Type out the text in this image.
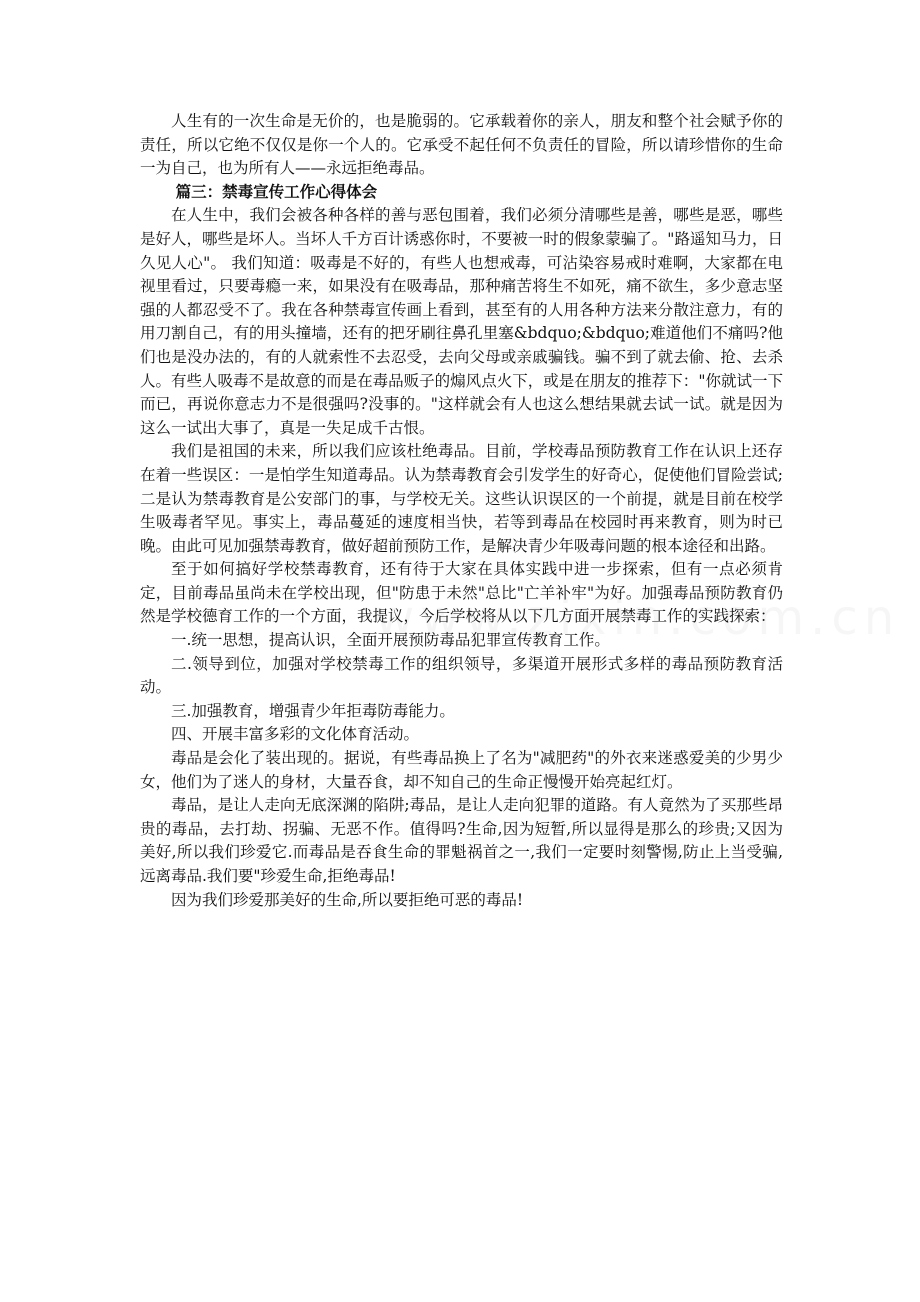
人生有的一次生命是无价的，也是脆弱的。它承载着你的亲人，朋友和整个社会赋予你的责任，所以它绝不仅仅是你一个人的。它承受不起任何不负责任的冒险，所以请珍惜你的生命一为自己，也为所有人——永远拒绝毒品。

篇三：禁毒宣传工作心得体会

在人生中，我们会被各种各样的善与恶包围着，我们必须分清哪些是善，哪些是恶，哪些是好人，哪些是坏人。当坏人千方百计诱惑你时，不要被一时的假象蒙骗了。"路遥知马力，日久见人心"。 我们知道：吸毒是不好的，有些人也想戒毒，可沾染容易戒时难啊，大家都在电视里看过，只要毒瘾一来，如果没有在吸毒品，那种痛苦将生不如死，痛不欲生，多少意志坚强的人都忍受不了。我在各种禁毒宣传画上看到，甚至有的人用各种方法来分散注意力，有的用刀割自己，有的用头撞墙，还有的把牙刷往鼻孔里塞&bdquo;&bdquo;难道他们不痛吗?他们也是没办法的，有的人就索性不去忍受，去向父母或亲戚骗钱。骗不到了就去偷、抢、去杀人。有些人吸毒不是故意的而是在毒品贩子的煽风点火下，或是在朋友的推荐下："你就试一下而已，再说你意志力不是很强吗?没事的。"这样就会有人也这么想结果就去试一试。就是因为这么一试出大事了，真是一失足成千古恨。

我们是祖国的未来，所以我们应该杜绝毒品。目前，学校毒品预防教育工作在认识上还存在着一些误区：一是怕学生知道毒品。认为禁毒教育会引发学生的好奇心，促使他们冒险尝试;二是认为禁毒教育是公安部门的事，与学校无关。这些认识误区的一个前提，就是目前在校学生吸毒者罕见。事实上，毒品蔓延的速度相当快，若等到毒品在校园时再来教育，则为时已晚。由此可见加强禁毒教育，做好超前预防工作，是解决青少年吸毒问题的根本途径和出路。

至于如何搞好学校禁毒教育，还有待于大家在具体实践中进一步探索，但有一点必须肯定，目前毒品虽尚未在学校出现，但"防患于未然"总比"亡羊补牢"为好。加强毒品预防教育仍然是学校德育工作的一个方面，我提议，今后学校将从以下几方面开展禁毒工作的实践探索：

一.统一思想，提高认识，全面开展预防毒品犯罪宣传教育工作。

二.领导到位，加强对学校禁毒工作的组织领导，多渠道开展形式多样的毒品预防教育活动。

三.加强教育，增强青少年拒毒防毒能力。

四、开展丰富多彩的文化体育活动。

毒品是会化了装出现的。据说，有些毒品换上了名为"减肥药"的外衣来迷惑爱美的少男少女，他们为了迷人的身材，大量吞食，却不知自己的生命正慢慢开始亮起红灯。

毒品，是让人走向无底深渊的陷阱;毒品，是让人走向犯罪的道路。有人竟然为了买那些昂贵的毒品，去打劫、拐骗、无恶不作。值得吗?生命,因为短暂,所以显得是那么的珍贵;又因为美好,所以我们珍爱它.而毒品是吞食生命的罪魁祸首之一,我们一定要时刻警惕,防止上当受骗,远离毒品.我们要"珍爱生命,拒绝毒品!

因为我们珍爱那美好的生命,所以要拒绝可恶的毒品!
